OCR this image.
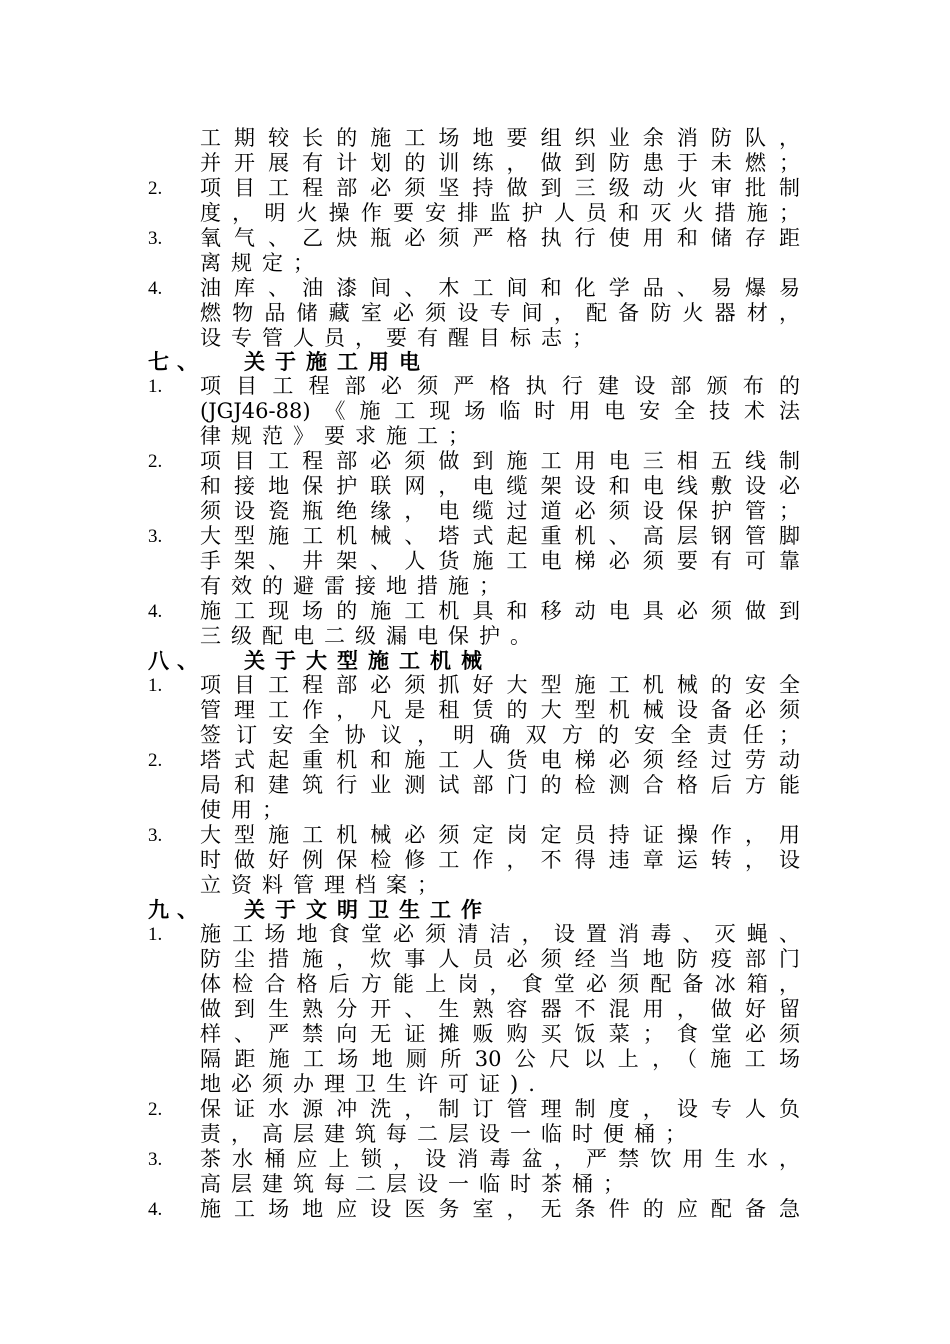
工期较长的施工场地要组织业余消防队，
并开展有计划的训练，做到防患于未燃；
2.	项目工程部必须坚持做到三级动火审批制
度，明火操作要安排监护人员和灭火措施；
3.	氧气、乙炔瓶必须严格执行使用和储存距
离规定；
4.	油库、油漆间、木工间和化学品、易爆易
燃物品储藏室必须设专间，配备防火器材，
设专管人员，要有醒目标志；
七、 关于施工用电
1.	项目工程部必须严格执行建设部颁布的
(JGJ46-88)《施工现场临时用电安全技术法
律规范》要求施工；
2.	项目工程部必须做到施工用电三相五线制
和接地保护联网，电缆架设和电线敷设必
须设瓷瓶绝缘，电缆过道必须设保护管；
3.	大型施工机械、塔式起重机、高层钢管脚
手架、井架、人货施工电梯必须要有可靠
有效的避雷接地措施；
4.	施工现场的施工机具和移动电具必须做到
三级配电二级漏电保护。
八、 关于大型施工机械
1.	项目工程部必须抓好大型施工机械的安全
管理工作，凡是租赁的大型机械设备必须
签订安全协议，明确双方的安全责任；
2.	塔式起重机和施工人货电梯必须经过劳动
局和建筑行业测试部门的检测合格后方能
使用；
3.	大型施工机械必须定岗定员持证操作，用
时做好例保检修工作，不得违章运转，设
立资料管理档案；
九、 关于文明卫生工作
1.	施工场地食堂必须清洁，设置消毒、灭蝇、
防尘措施，炊事人员必须经当地防疫部门
体检合格后方能上岗，食堂必须配备冰箱，
做到生熟分开、生熟容器不混用，做好留
样、严禁向无证摊贩购买饭菜；食堂必须
隔距施工场地厕所30公尺以上，（施工场
地必须办理卫生许可证).
2.	保证水源冲洗，制订管理制度，设专人负
责，高层建筑每二层设一临时便桶；
3.	茶水桶应上锁，设消毒盆，严禁饮用生水，
高层建筑每二层设一临时茶桶；
4.	施工场地应设医务室，无条件的应配备急
